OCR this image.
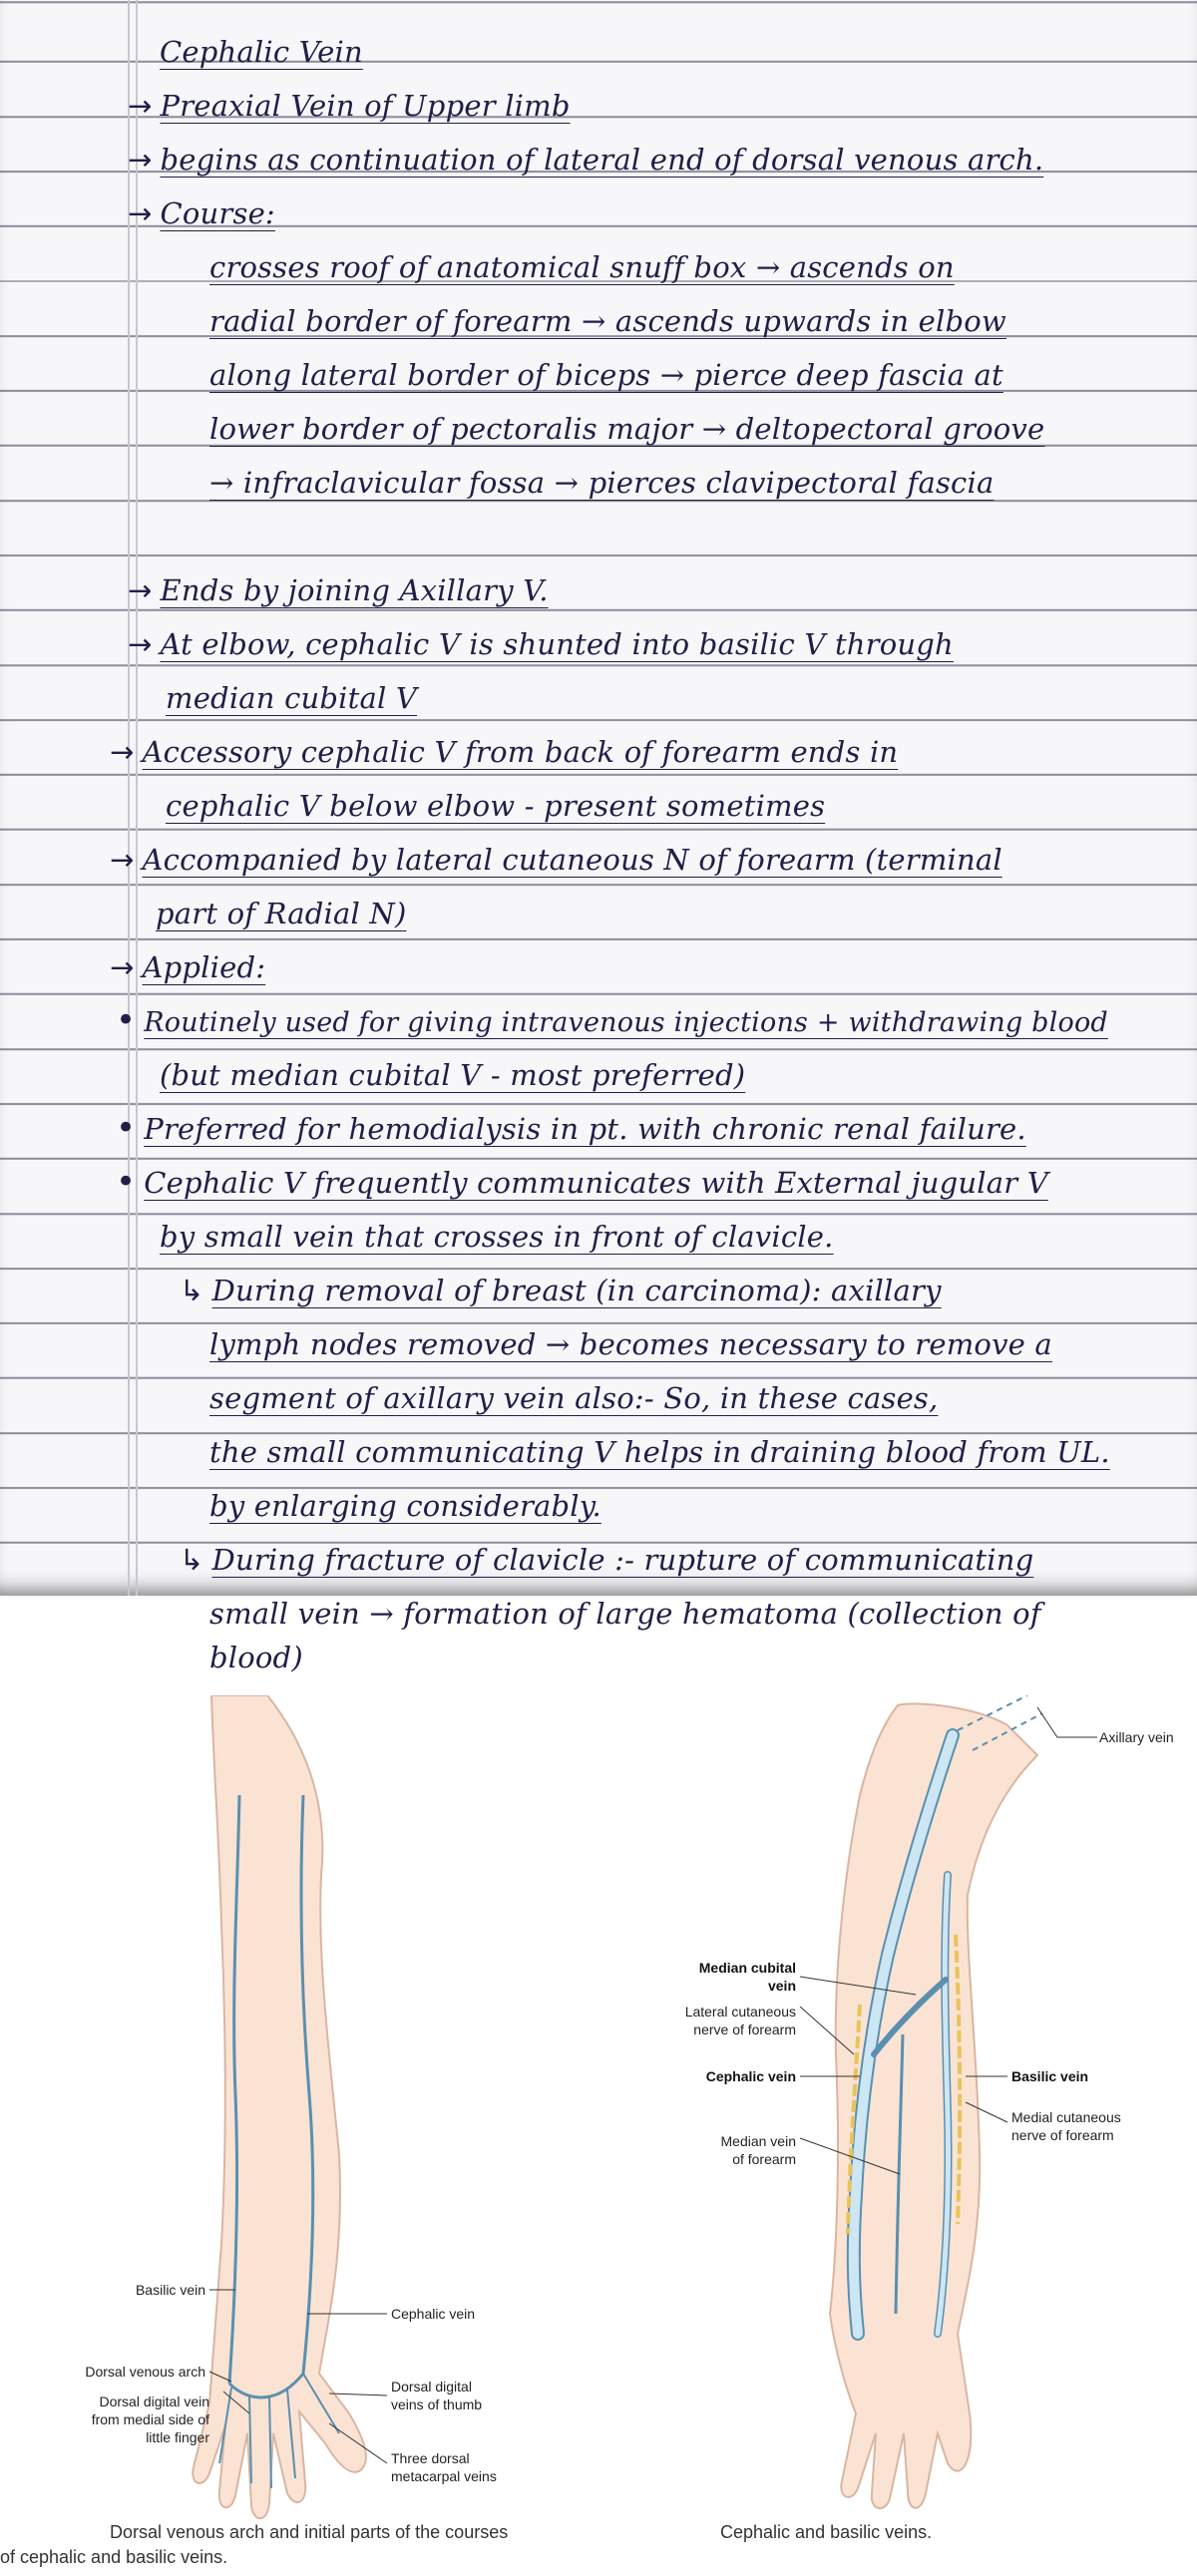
Cephalic Vein
→ Preaxial Vein of Upper limb
→ begins as continuation of lateral end of dorsal venous arch.
→ Course:
crosses roof of anatomical snuff box → ascends on
radial border of forearm → ascends upwards in elbow
along lateral border of biceps → pierce deep fascia at
lower border of pectoralis major → deltopectoral groove
→ infraclavicular fossa → pierces clavipectoral fascia
→ Ends by joining Axillary V.
→ At elbow, cephalic V is shunted into basilic V through
median cubital V
→ Accessory cephalic V from back of forearm ends in
cephalic V below elbow - present sometimes
→ Accompanied by lateral cutaneous N of forearm (terminal
part of Radial N)
→ Applied:
• Routinely used for giving intravenous injections + withdrawing blood
(but median cubital V - most preferred)
• Preferred for hemodialysis in pt. with chronic renal failure.
• Cephalic V frequently communicates with External jugular V
by small vein that crosses in front of clavicle.
↳ During removal of breast (in carcinoma): axillary
lymph nodes removed → becomes necessary to remove a
segment of axillary vein also:- So, in these cases,
the small communicating V helps in draining blood from UL.
by enlarging considerably.
↳ During fracture of clavicle :- rupture of communicating
small vein → formation of large hematoma (collection of
blood)
Basilic vein
Cephalic vein
Dorsal venous arch
Dorsal digital vein
from medial side of
little finger
Dorsal digital
veins of thumb
Three dorsal
metacarpal veins
Dorsal venous arch and initial parts of the courses
of cephalic and basilic veins.
Axillary vein
Median cubital
vein
Lateral cutaneous
nerve of forearm
Basilic vein
Cephalic vein
Medial cutaneous
nerve of forearm
Median vein
of forearm
Cephalic and basilic veins.
